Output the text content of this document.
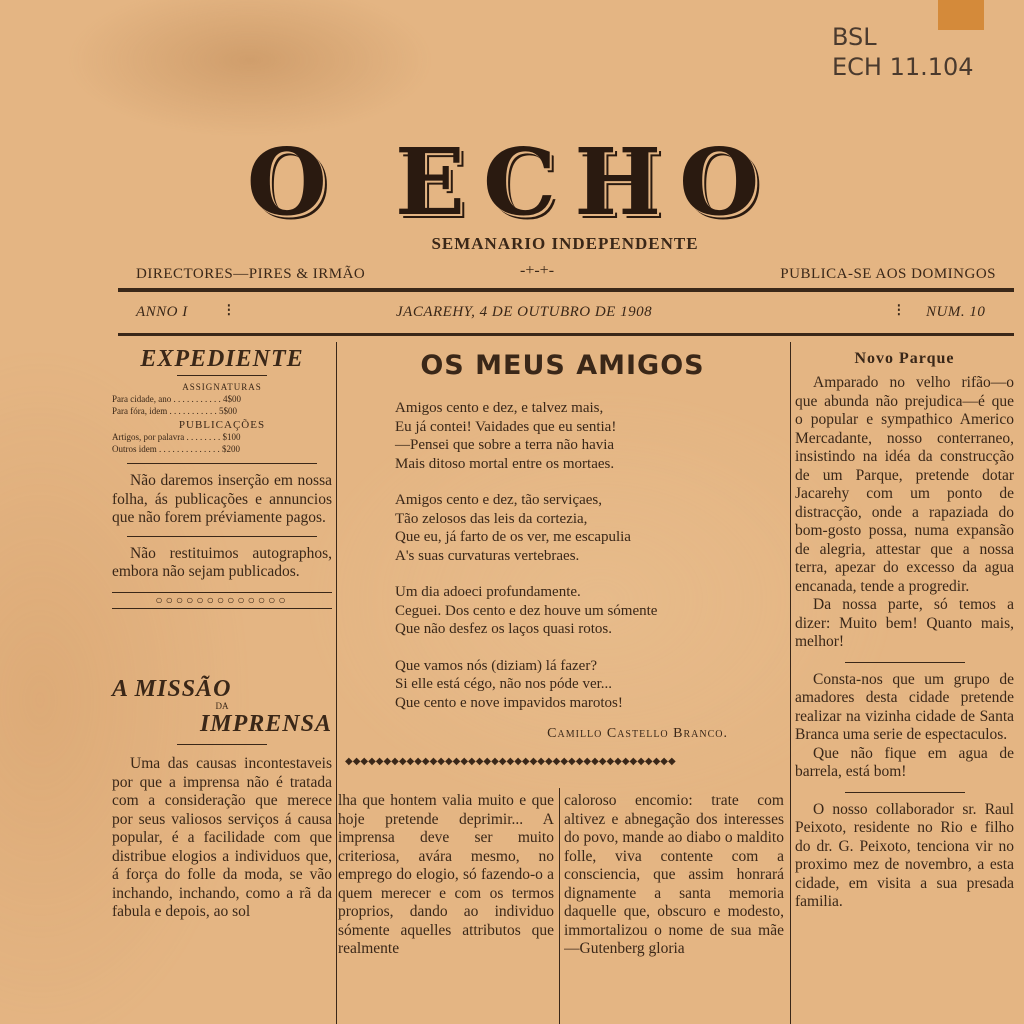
BSL
ECH 11.104
O ECHO
SEMANARIO INDEPENDENTE
DIRECTORES—PIRES & IRMÃO	-+-+-	PUBLICA-SE AOS DOMINGOS
ANNO I ⁝	JACAREHY, 4 DE OUTUBRO DE 1908	⁝ NUM. 10
EXPEDIENTE
ASSIGNATURAS
Para cidade, ano . . . . . . . . . . . 4$00
Para fóra, idem . . . . . . . . . . . 5$00
PUBLICAÇÕES
Artigos, por palavra . . . . . . . . $100
Outros idem . . . . . . . . . . . . . . $200
Não daremos inserção em nossa folha, ás publicações e annuncios que não forem préviamente pagos.
Não restituimos autographos, embora não sejam publicados.
○○○○○○○○○○○○○
A MISSÃO
DA
IMPRENSA
Uma das causas incontestaveis por que a imprensa não é tratada com a consideração que merece por seus valiosos serviços á causa popular, é a facilidade com que distribue elogios a individuos que, á força do folle da moda, se vão inchando, inchando, como a rã da fabula e depois, ao sol
OS MEUS AMIGOS
Amigos cento e dez, e talvez mais,
Eu já contei! Vaidades que eu sentia!
—Pensei que sobre a terra não havia
Mais ditoso mortal entre os mortaes.
Amigos cento e dez, tão serviçaes,
Tão zelosos das leis da cortezia,
Que eu, já farto de os ver, me escapulia
A's suas curvaturas vertebraes.
Um dia adoeci profundamente.
Ceguei. Dos cento e dez houve um sómente
Que não desfez os laços quasi rotos.
Que vamos nós (diziam) lá fazer?
Si elle está cégo, não nos póde ver...
Que cento e nove impavidos marotos!
Camillo Castello Branco.
◆◆◆◆◆◆◆◆◆◆◆◆◆◆◆◆◆◆◆◆◆◆◆◆◆◆◆◆◆◆◆◆◆◆◆◆◆◆◆◆◆◆◆
lha que hontem valia muito e que hoje pretende deprimir... A imprensa deve ser muito criteriosa, avára mesmo, no emprego do elogio, só fazendo-o a quem merecer e com os termos proprios, dando ao individuo sómente aquelles attributos que realmente
caloroso encomio: trate com altivez e abnegação dos interesses do povo, mande ao diabo o maldito folle, viva contente com a consciencia, que assim honrará dignamente a santa memoria daquelle que, obscuro e modesto, immortalizou o nome de sua mãe—Gutenberg gloria
Novo Parque
Amparado no velho rifão—o que abunda não prejudica—é que o popular e sympathico Americo Mercadante, nosso conterraneo, insistindo na idéa da construcção de um Parque, pretende dotar Jacarehy com um ponto de distracção, onde a rapaziada do bom-gosto possa, numa expansão de alegria, attestar que a nossa terra, apezar do excesso da agua encanada, tende a progredir.
Da nossa parte, só temos a dizer: Muito bem! Quanto mais, melhor!
Consta-nos que um grupo de amadores desta cidade pretende realizar na vizinha cidade de Santa Branca uma serie de espectaculos.
Que não fique em agua de barrela, está bom!
O nosso collaborador sr. Raul Peixoto, residente no Rio e filho do dr. G. Peixoto, tenciona vir no proximo mez de novembro, a esta cidade, em visita a sua presada familia.
